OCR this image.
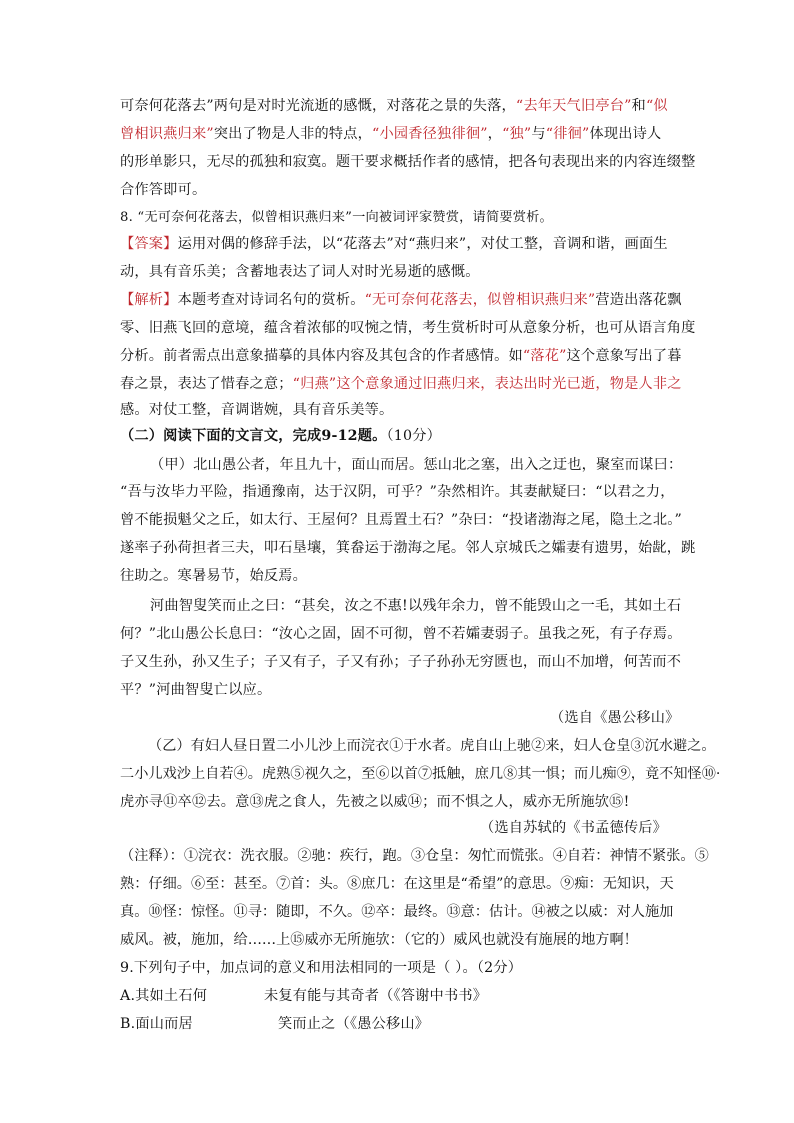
可奈何花落去”两句是对时光流逝的感慨，对落花之景的失落，“去年天气旧亭台”和“似
曾相识燕归来”突出了物是人非的特点，“小园香径独徘徊”，“独”与“徘徊”体现出诗人
的形单影只，无尽的孤独和寂寞。题干要求概括作者的感情，把各句表现出来的内容连缀整
合作答即可。
8. “无可奈何花落去，似曾相识燕归来”一向被词评家赞赏，请简要赏析。
【答案】运用对偶的修辞手法，以“花落去”对“燕归来”，对仗工整，音调和谐，画面生
动，具有音乐美；含蓄地表达了词人对时光易逝的感慨。
【解析】本题考查对诗词名句的赏析。“无可奈何花落去，似曾相识燕归来”营造出落花飘
零、旧燕飞回的意境，蕴含着浓郁的叹惋之情，考生赏析时可从意象分析，也可从语言角度
分析。前者需点出意象描摹的具体内容及其包含的作者感情。如“落花”这个意象写出了暮
春之景，表达了惜春之意；“归燕”这个意象通过旧燕归来，表达出时光已逝，物是人非之
感。对仗工整，音调谐婉，具有音乐美等。
（二）阅读下面的文言文，完成9-12题。（10分）
（甲）北山愚公者，年且九十，面山而居。惩山北之塞，出入之迂也，聚室而谋曰：
“吾与汝毕力平险，指通豫南，达于汉阴，可乎？”杂然相许。其妻献疑曰：“以君之力，
曾不能损魁父之丘，如太行、王屋何？且焉置土石？”杂曰：“投诸渤海之尾，隐土之北。”
遂率子孙荷担者三夫，叩石垦壤，箕畚运于渤海之尾。邻人京城氏之孀妻有遗男，始龀，跳
往助之。寒暑易节，始反焉。
河曲智叟笑而止之曰：“甚矣，汝之不惠!以残年余力，曾不能毁山之一毛，其如土石
何？”北山愚公长息曰：“汝心之固，固不可彻，曾不若孀妻弱子。虽我之死，有子存焉。
子又生孙，孙又生子；子又有子，子又有孙；子子孙孙无穷匮也，而山不加增，何苦而不
平？”河曲智叟亡以应。
（选自《愚公移山》
（乙）有妇人昼日置二小儿沙上而浣衣①于水者。虎自山上驰②来，妇人仓皇③沉水避之。
二小儿戏沙上自若④。虎熟⑤视久之，至⑥以首⑦抵触，庶几⑧其一惧；而儿痴⑨，竟不知怪⑩·
虎亦寻⑪卒⑫去。意⑬虎之食人，先被之以威⑭；而不惧之人，威亦无所施欤⑮!
（选自苏轼的《书孟德传后》
（注释）：①浣衣：洗衣服。②驰：疾行，跑。③仓皇：匆忙而慌张。④自若：神情不紧张。⑤
熟：仔细。⑥至：甚至。⑦首：头。⑧庶几：在这里是“希望”的意思。⑨痴：无知识，天
真。⑩怪：惊怪。⑪寻：随即，不久。⑫卒：最终。⑬意：估计。⑭被之以威：对人施加
威风。被，施加，给……上⑮威亦无所施欤：（它的）威风也就没有施展的地方啊！
9.下列句子中，加点词的意义和用法相同的一项是（ ）。（2分）
A.其如土石何	未复有能与其奇者（《答谢中书书》
B.面山而居	笑而止之（《愚公移山》
